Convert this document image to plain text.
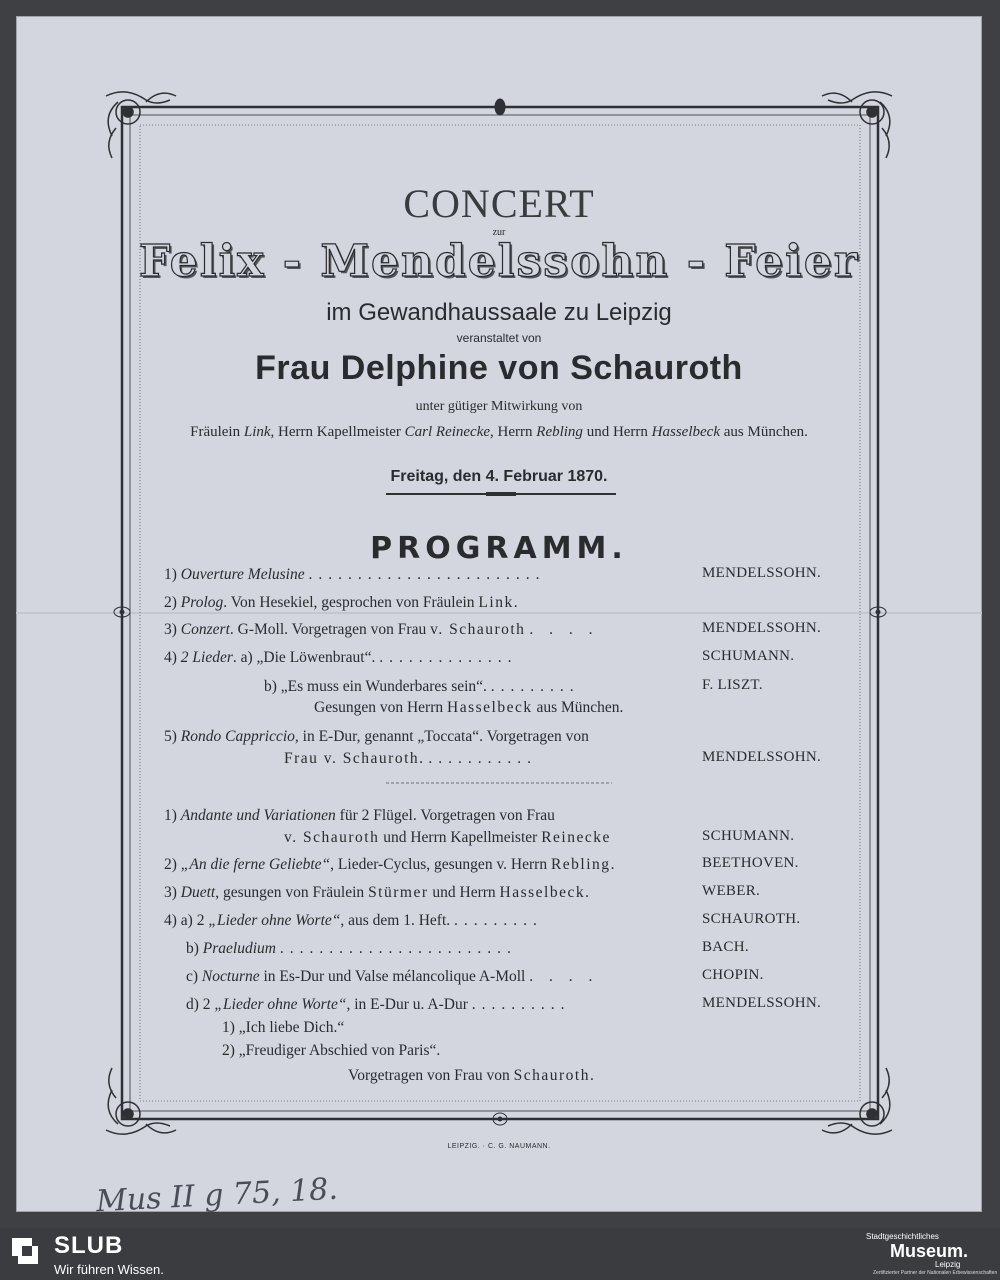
CONCERT
zur
Felix - Mendelssohn - Feier
im Gewandhaussaale zu Leipzig
veranstaltet von
Frau Delphine von Schauroth
unter gütiger Mitwirkung von
Fräulein Link, Herrn Kapellmeister Carl Reinecke, Herrn Rebling und Herrn Hasselbeck aus München.
Freitag, den 4. Februar 1870.
PROGRAMM.
1) Ouverture Melusine ........................	MENDELSSOHN.
2) Prolog. Von Hesekiel, gesprochen von Fräulein Link.
3) Conzert. G-Moll. Vorgetragen von Frau v. Schauroth . . . .	MENDELSSOHN.
4) 2 Lieder. a) „Die Löwenbraut“. ..............	SCHUMANN.
b) „Es muss ein Wunderbares sein“. .........	F. LISZT.
Gesungen von Herrn Hasselbeck aus München.
5) Rondo Cappriccio, in E-Dur, genannt „Toccata“. Vorgetragen von
Frau v. Schauroth. ...........	MENDELSSOHN.
1) Andante und Variationen für 2 Flügel. Vorgetragen von Frau
v. Schauroth und Herrn Kapellmeister Reinecke	SCHUMANN.
2) „An die ferne Geliebte“, Lieder-Cyclus, gesungen v. Herrn Rebling.	BEETHOVEN.
3) Duett, gesungen von Fräulein Stürmer und Herrn Hasselbeck.	WEBER.
4) a) 2 „Lieder ohne Worte“, aus dem 1. Heft. .........	SCHAUROTH.
b) Praeludium ........................	BACH.
c) Nocturne in Es-Dur und Valse mélancolique A-Moll . . . .	CHOPIN.
d) 2 „Lieder ohne Worte“, in E-Dur u. A-Dur ..........	MENDELSSOHN.
1) „Ich liebe Dich.“
2) „Freudiger Abschied von Paris“.
Vorgetragen von Frau von Schauroth.
LEIPZIG. · C. G. NAUMANN.
Mus II g 75, 18.
SLUB
Wir führen Wissen.
Stadtgeschichtliches
Museum.
Leipzig
Zertifizierter Partner der Nationalen Erbewissenschaften
